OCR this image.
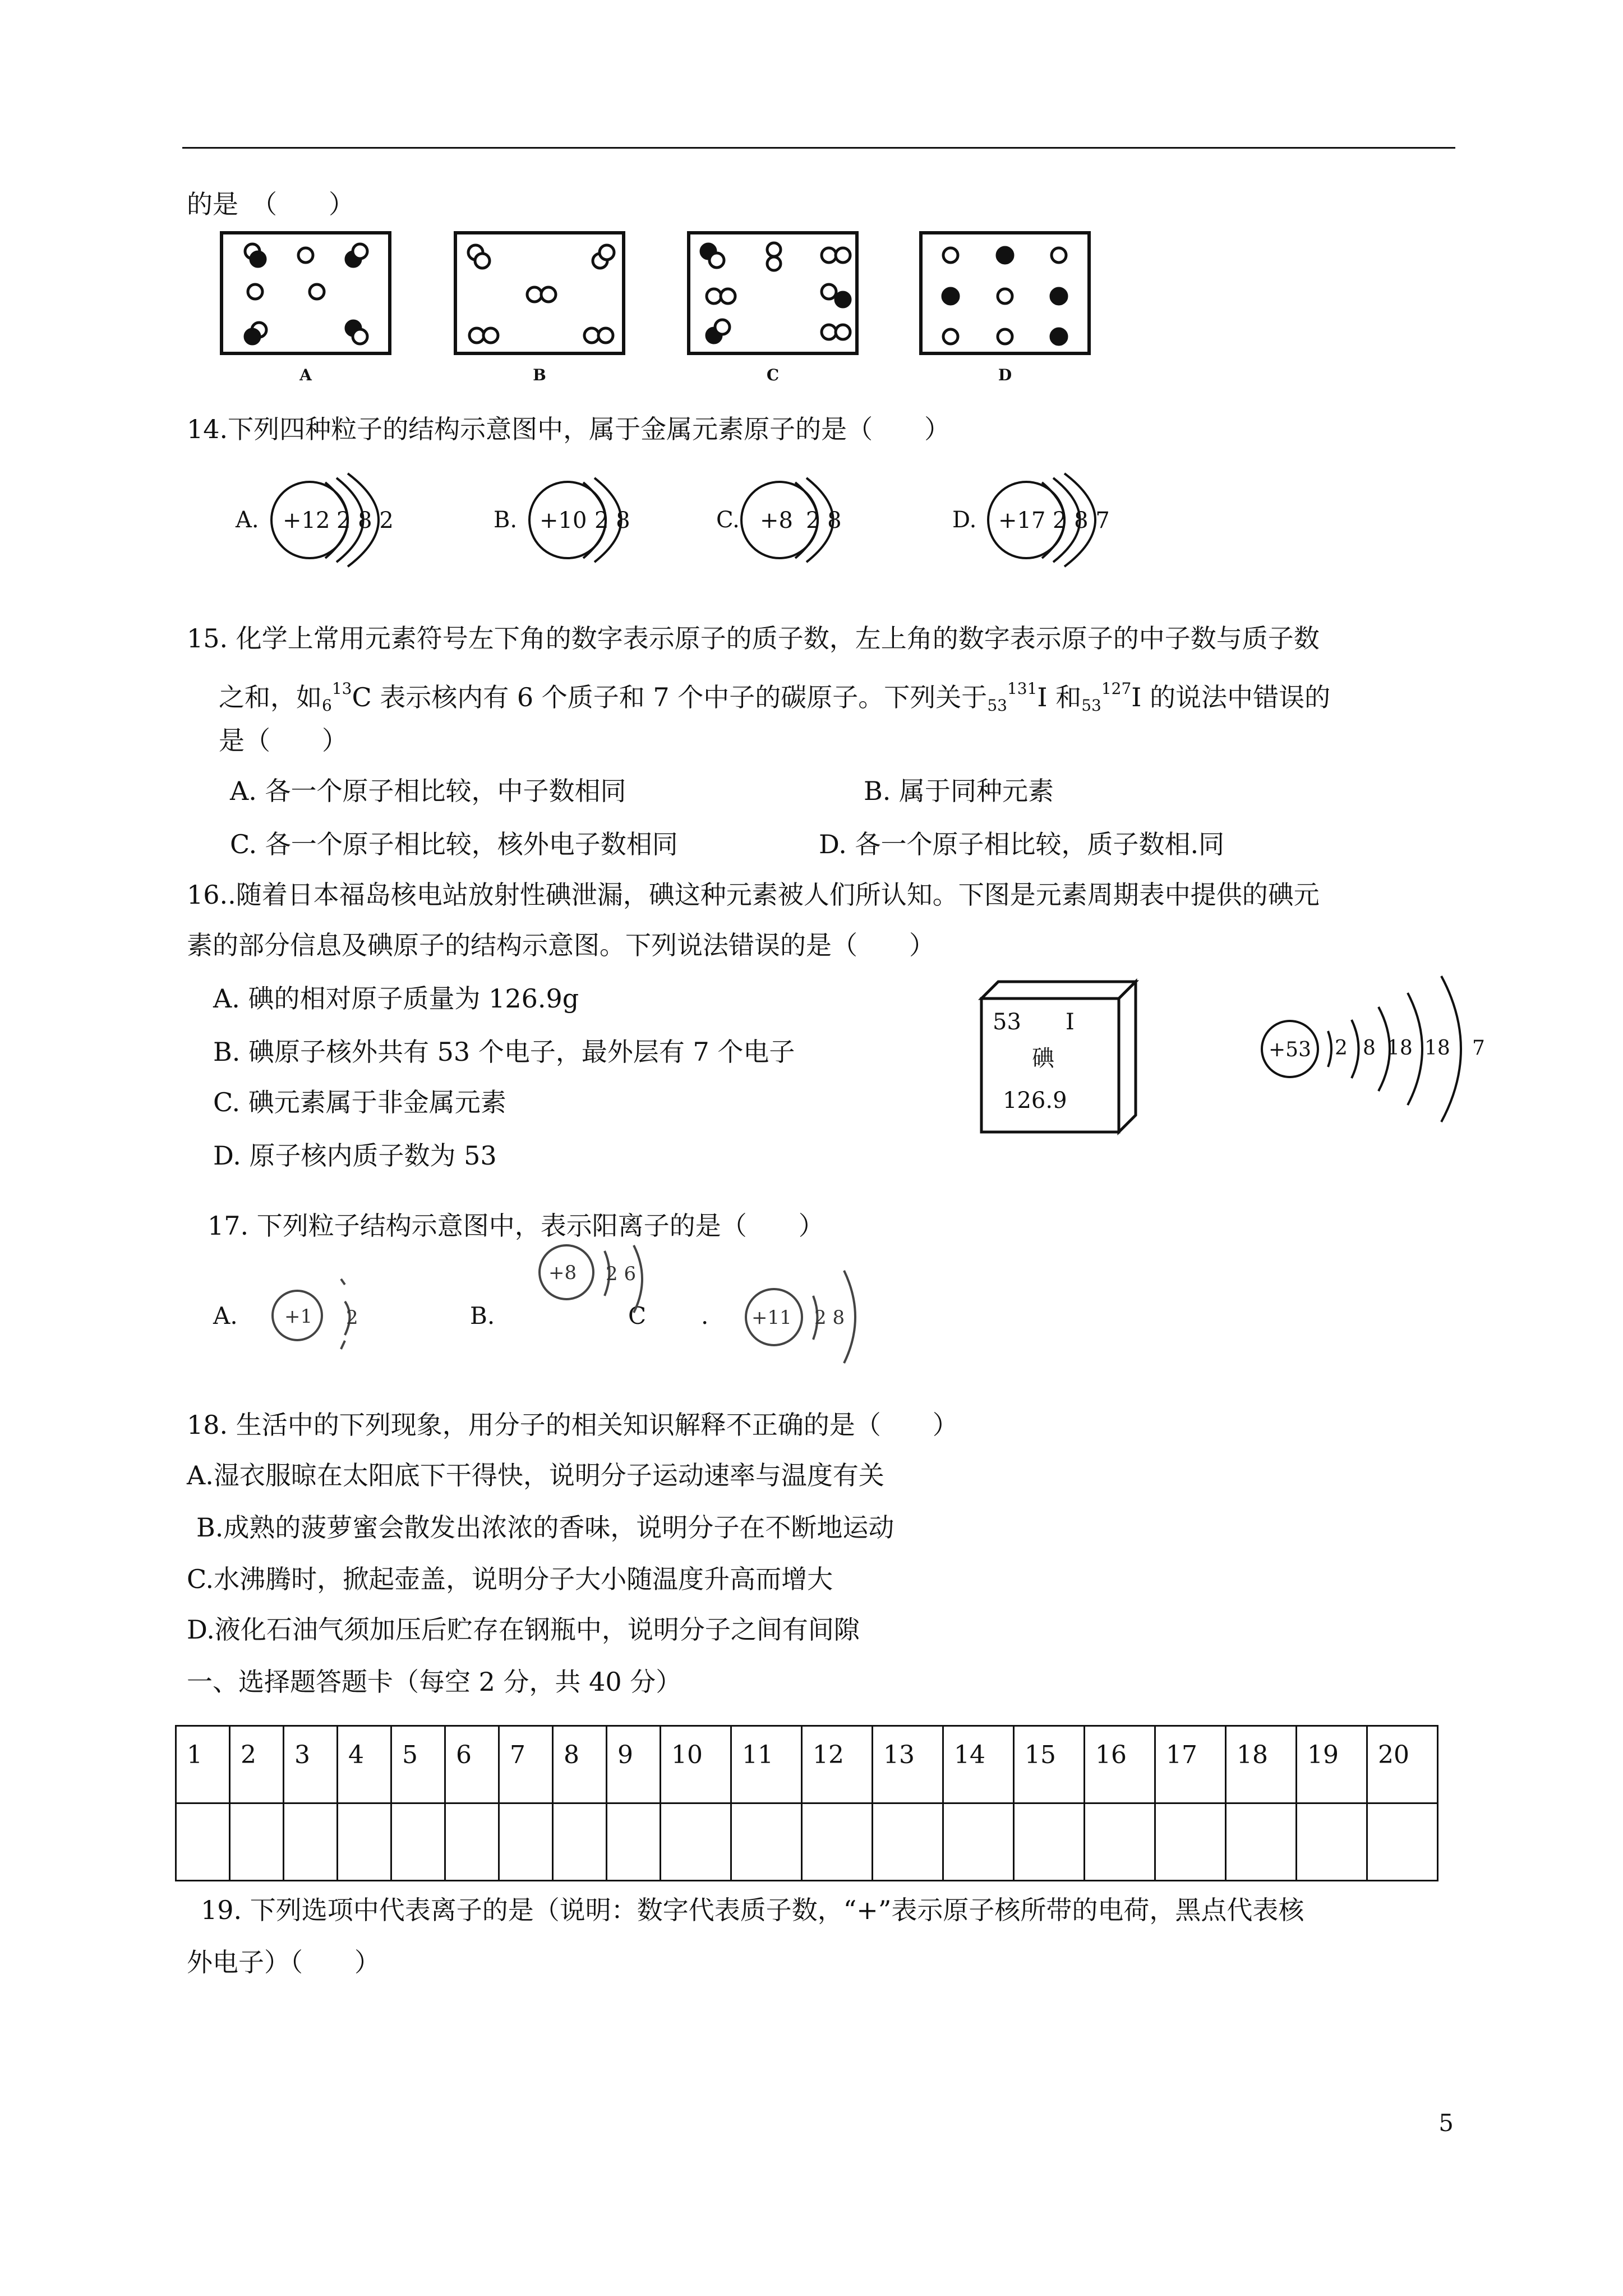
的是　（　　）
A	B	C	D
14.下列四种粒子的结构示意图中，属于金属元素原子的是（　　）
A.	B.	C.	D.
+12 2 8 2	+10 2 8	+8 2 8	+17 2 8 7
15. 化学上常用元素符号左下角的数字表示原子的质子数，左上角的数字表示原子的中子数与质子数
之和，如$6^{13}C$ 表示核内有 6 个质子和 7 个中子的碳原子。下列关于$53^{131}I$ 和$53^{127}I$ 的说法中错误的
是（　　）
A. 各一个原子相比较，中子数相同	B. 属于同种元素
C. 各一个原子相比较，核外电子数相同	D. 各一个原子相比较，质子数相.同
16..随着日本福岛核电站放射性碘泄漏，碘这种元素被人们所认知。下图是元素周期表中提供的碘元
素的部分信息及碘原子的结构示意图。下列说法错误的是（　　）
A. 碘的相对原子质量为 126.9g
B. 碘原子核外共有 53 个电子，最外层有 7 个电子
C. 碘元素属于非金属元素
D. 原子核内质子数为 53
53 I
碘
126.9
+53 2 8 18 18 7
17. 下列粒子结构示意图中，表示阳离子的是（　　）
A.	B.	C .
+1 2
+8 2 6
+11 2 8
18. 生活中的下列现象，用分子的相关知识解释不正确的是（　　）
A.湿衣服晾在太阳底下干得快，说明分子运动速率与温度有关
B.成熟的菠萝蜜会散发出浓浓的香味，说明分子在不断地运动
C.水沸腾时，掀起壶盖，说明分子大小随温度升高而增大
D.液化石油气须加压后贮存在钢瓶中，说明分子之间有间隙
一、选择题答题卡（每空 2 分，共 40 分）
1	2	3	4	5	6	7	8	9	10	11	12	13	14	15	16	17	18	19	20

19. 下列选项中代表离子的是（说明：数字代表质子数，“+”表示原子核所带的电荷，黑点代表核
外电子）（　　）
5
